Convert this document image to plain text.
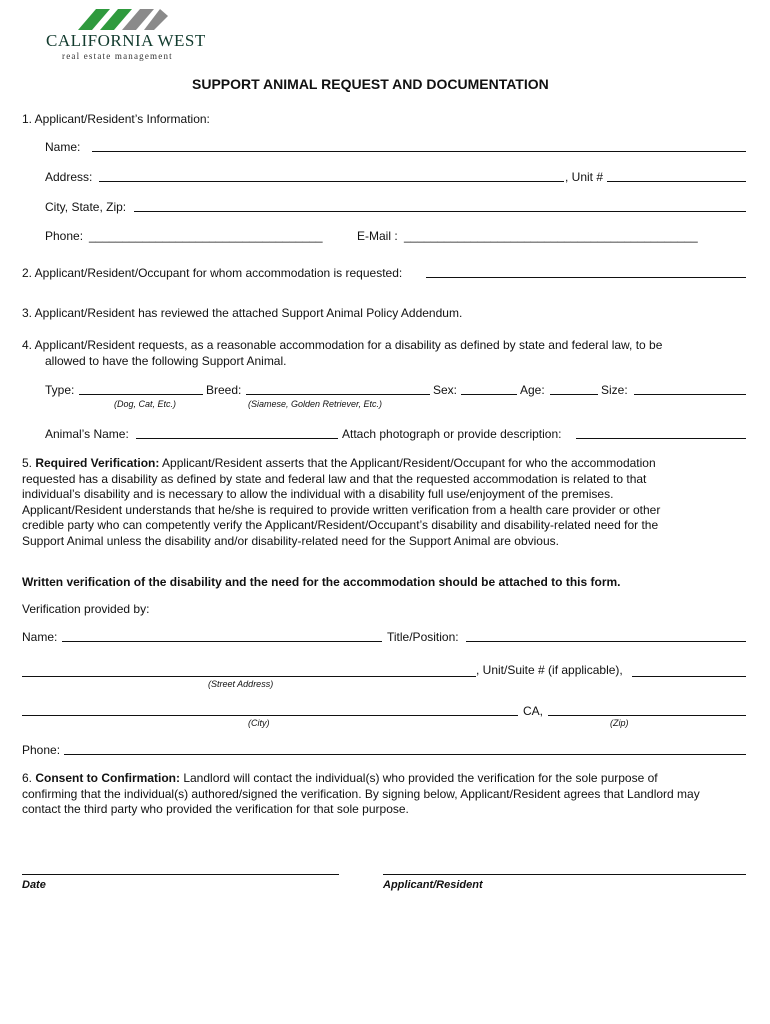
CALIFORNIA WEST
real estate management
SUPPORT ANIMAL REQUEST AND DOCUMENTATION
1. Applicant/Resident’s Information:
Name:
Address:	, Unit #
City, State, Zip:
Phone: ___________________________________	E-Mail : ____________________________________________
2. Applicant/Resident/Occupant for whom accommodation is requested:
3. Applicant/Resident has reviewed the attached Support Animal Policy Addendum.
4. Applicant/Resident requests, as a reasonable accommodation for a disability as defined by state and federal law, to be
allowed to have the following Support Animal.
Type:	Breed:	Sex:	Age:	Size:
(Dog, Cat, Etc.)	(Siamese, Golden Retriever, Etc.)
Animal’s Name:	Attach photograph or provide description:
5. Required Verification: Applicant/Resident asserts that the Applicant/Resident/Occupant for who the accommodation requested has a disability as defined by state and federal law and that the requested accommodation is related to that individual’s disability and is necessary to allow the individual with a disability full use/enjoyment of the premises. Applicant/Resident understands that he/she is required to provide written verification from a health care provider or other credible party who can competently verify the Applicant/Resident/Occupant’s disability and disability-related need for the Support Animal unless the disability and/or disability-related need for the Support Animal are obvious.
Written verification of the disability and the need for the accommodation should be attached to this form.
Verification provided by:
Name:	Title/Position:
, Unit/Suite # (if applicable),
(Street Address)
CA,
(City)	(Zip)
Phone:
6. Consent to Confirmation: Landlord will contact the individual(s) who provided the verification for the sole purpose of confirming that the individual(s) authored/signed the verification. By signing below, Applicant/Resident agrees that Landlord may contact the third party who provided the verification for that sole purpose.
Date	Applicant/Resident
